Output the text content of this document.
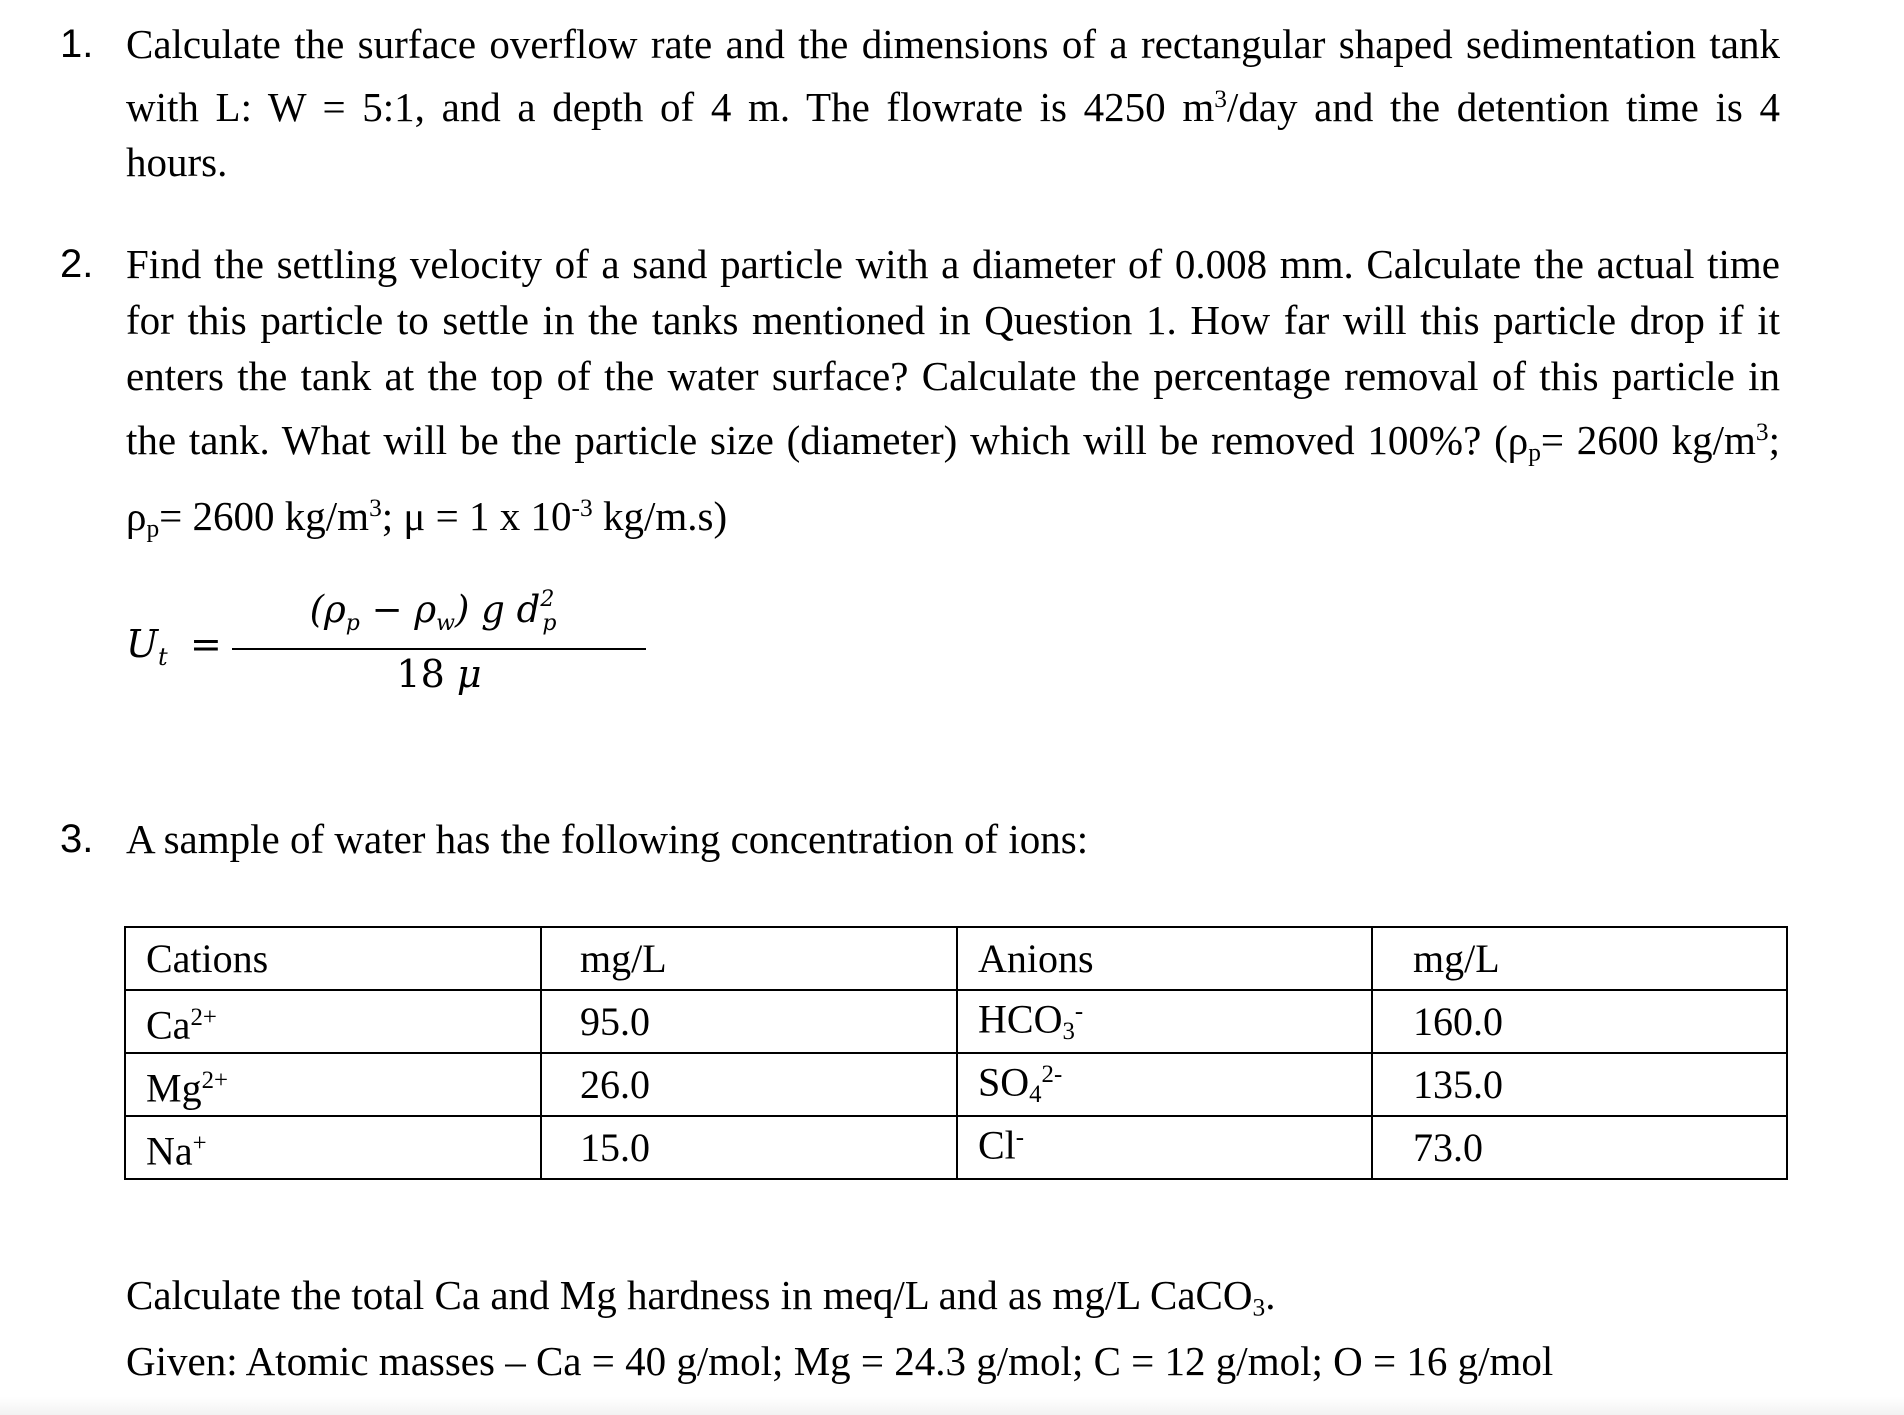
1. Calculate the surface overflow rate and the dimensions of a rectangular shaped sedimentation tank with L: W = 5:1, and a depth of 4 m. The flowrate is 4250 $m^3$/day and the detention time is 4 hours.
2. Find the settling velocity of a sand particle with a diameter of 0.008 mm. Calculate the actual time for this particle to settle in the tanks mentioned in Question 1. How far will this particle drop if it enters the tank at the top of the water surface? Calculate the percentage removal of this particle in the tank. What will be the particle size (diameter) which will be removed 100%? (ρp= 2600 $kg/m^3$; ρp= 2600 $kg/m^3$; μ = 1 x $10^{-3}$ kg/m.s)
$U_t$ =
$(\rho_p - \rho_w)$ g $d^2_p$
18 μ
3. A sample of water has the following concentration of ions:
Cations	mg/L	Anions	mg/L
$Ca^{2+}$	95.0	HCO3-	160.0
$Mg^{2+}$	26.0	$SO4^{2-}$	135.0
Na+	15.0	Cl-	73.0
Calculate the total Ca and Mg hardness in meq/L and as mg/L CaCO3.
Given: Atomic masses – Ca = 40 g/mol; Mg = 24.3 g/mol; C = 12 g/mol; O = 16 g/mol
